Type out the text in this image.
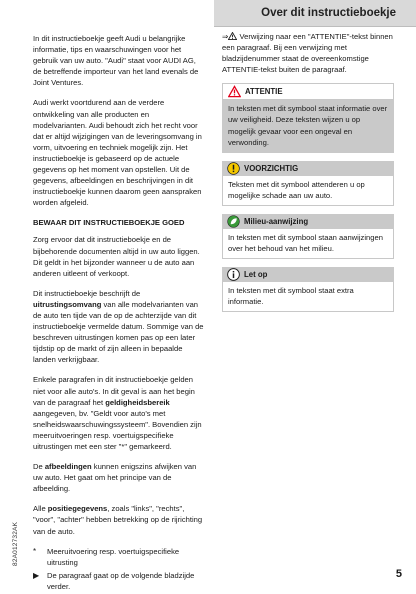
Over dit instructieboekje

In dit instructieboekje geeft Audi u belangrijke informatie, tips en waarschuwingen voor het gebruik van uw auto. "Audi" staat voor AUDI AG, de betreffende importeur van het land evenals de Joint Ventures.

Audi werkt voortdurend aan de verdere ontwikkeling van alle producten en modelvarianten. Audi behoudt zich het recht voor dat er altijd wijzigingen van de leveringsomvang in vorm, uitvoering en techniek mogelijk zijn. Het instructieboekje is gebaseerd op de actuele gegevens op het moment van opstellen. Uit de gegevens, afbeeldingen en beschrijvingen in dit instructieboekje kunnen daarom geen aanspraken worden afgeleid.

BEWAAR DIT INSTRUCTIEBOEKJE GOED

Zorg ervoor dat dit instructieboekje en de bijbehorende documenten altijd in uw auto liggen. Dit geldt in het bijzonder wanneer u de auto aan anderen uitleent of verkoopt.

Dit instructieboekje beschrijft de uitrustingsomvang van alle modelvarianten van de auto ten tijde van de op de achterzijde van dit instructieboekje vermelde datum. Sommige van de beschreven uitrustingen komen pas op een later tijdstip op de markt of zijn alleen in bepaalde landen verkrijgbaar.

Enkele paragrafen in dit instructieboekje gelden niet voor alle auto's. In dit geval is aan het begin van de paragraaf het geldigheidsbereik aangegeven, bv. "Geldt voor auto's met snelheidswaarschuwingssysteem". Bovendien zijn meeruitvoeringen resp. voertuigspecifieke uitrustingen met een ster "*" gemarkeerd.

De afbeeldingen kunnen enigszins afwijken van uw auto. Het gaat om het principe van de afbeelding.

Alle positiegegevens, zoals "links", "rechts", "voor", "achter" hebben betrekking op de rijrichting van de auto.

* Meeruitvoering resp. voertuigspecifieke uitrusting
▶ De paragraaf gaat op de volgende bladzijde verder.

⇒ Verwijzing naar een "ATTENTIE"-tekst binnen een paragraaf. Bij een verwijzing met bladzijdenummer staat de overeenkomstige ATTENTIE-tekst buiten de paragraaf.

ATTENTIE
In teksten met dit symbool staat informatie over uw veiligheid. Deze teksten wijzen u op mogelijk gevaar voor een ongeval en verwonding.
VOORZICHTIG
Teksten met dit symbool attenderen u op mogelijke schade aan uw auto.
Milieu-aanwijzing
In teksten met dit symbool staan aanwijzingen over het behoud van het milieu.
Let op
In teksten met dit symbool staat extra informatie.
82A012732AK
5
